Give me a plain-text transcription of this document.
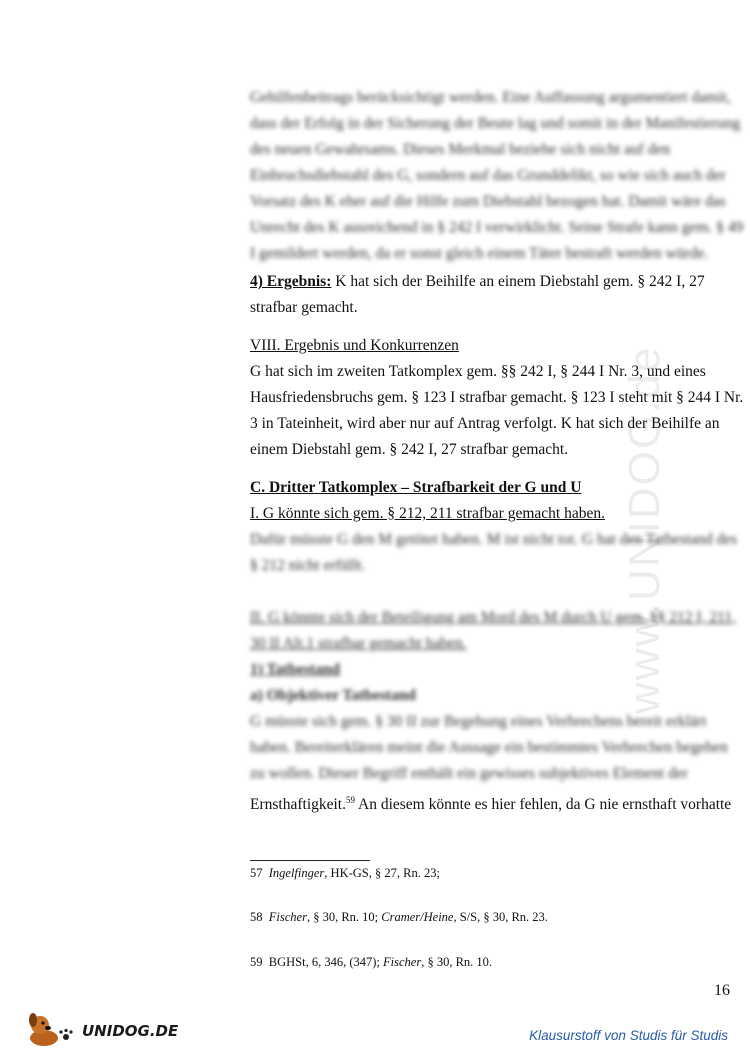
www.UNIDOG.de
Gehilfenbeitrags berücksichtigt werden. Eine Auffassung argumentiert damit,
dass der Erfolg in der Sicherung der Beute lag und somit in der Manifestierung
des neuen Gewahrsams. Dieses Merkmal beziehe sich nicht auf den
Einbruchsdiebstahl des G, sondern auf das Grunddelikt, so wie sich auch der
Vorsatz des K eher auf die Hilfe zum Diebstahl bezogen hat. Damit wäre das
Unrecht des K ausreichend in § 242 I verwirklicht. Seine Strafe kann gem. § 49
I gemildert werden, da er sonst gleich einem Täter bestraft werden würde.
4) Ergebnis: K hat sich der Beihilfe an einem Diebstahl gem. § 242 I, 27
strafbar gemacht.
VIII. Ergebnis und Konkurrenzen
G hat sich im zweiten Tatkomplex gem. §§ 242 I, § 244 I Nr. 3, und eines
Hausfriedensbruchs gem. § 123 I strafbar gemacht. § 123 I steht mit § 244 I Nr.
3 in Tateinheit, wird aber nur auf Antrag verfolgt. K hat sich der Beihilfe an
einem Diebstahl gem. § 242 I, 27 strafbar gemacht.
C. Dritter Tatkomplex – Strafbarkeit der G und U
I. G könnte sich gem. § 212, 211 strafbar gemacht haben.
Dafür müsste G den M getötet haben. M ist nicht tot. G hat den Tatbestand des
§ 212 nicht erfüllt.
II. G könnte sich der Beteiligung am Mord des M durch U gem. §§ 212 I, 211,
30 II Alt.1 strafbar gemacht haben.
1) Tatbestand
a) Objektiver Tatbestand
G müsste sich gem. § 30 II zur Begehung eines Verbrechens bereit erklärt
haben. Bereiterklären meint die Aussage ein bestimmtes Verbrechen begehen
zu wollen. Dieser Begriff enthält ein gewisses subjektives Element der
Ernsthaftigkeit.$^{59}$ An diesem könnte es hier fehlen, da G nie ernsthaft vorhatte
57 Ingelfinger, HK-GS, § 27, Rn. 23;
58 Fischer, § 30, Rn. 10; Cramer/Heine, S/S, § 30, Rn. 23.
59 BGHSt, 6, 346, (347); Fischer, § 30, Rn. 10.
16
UNIDOG.DE	Klausurstoff von Studis für Studis
